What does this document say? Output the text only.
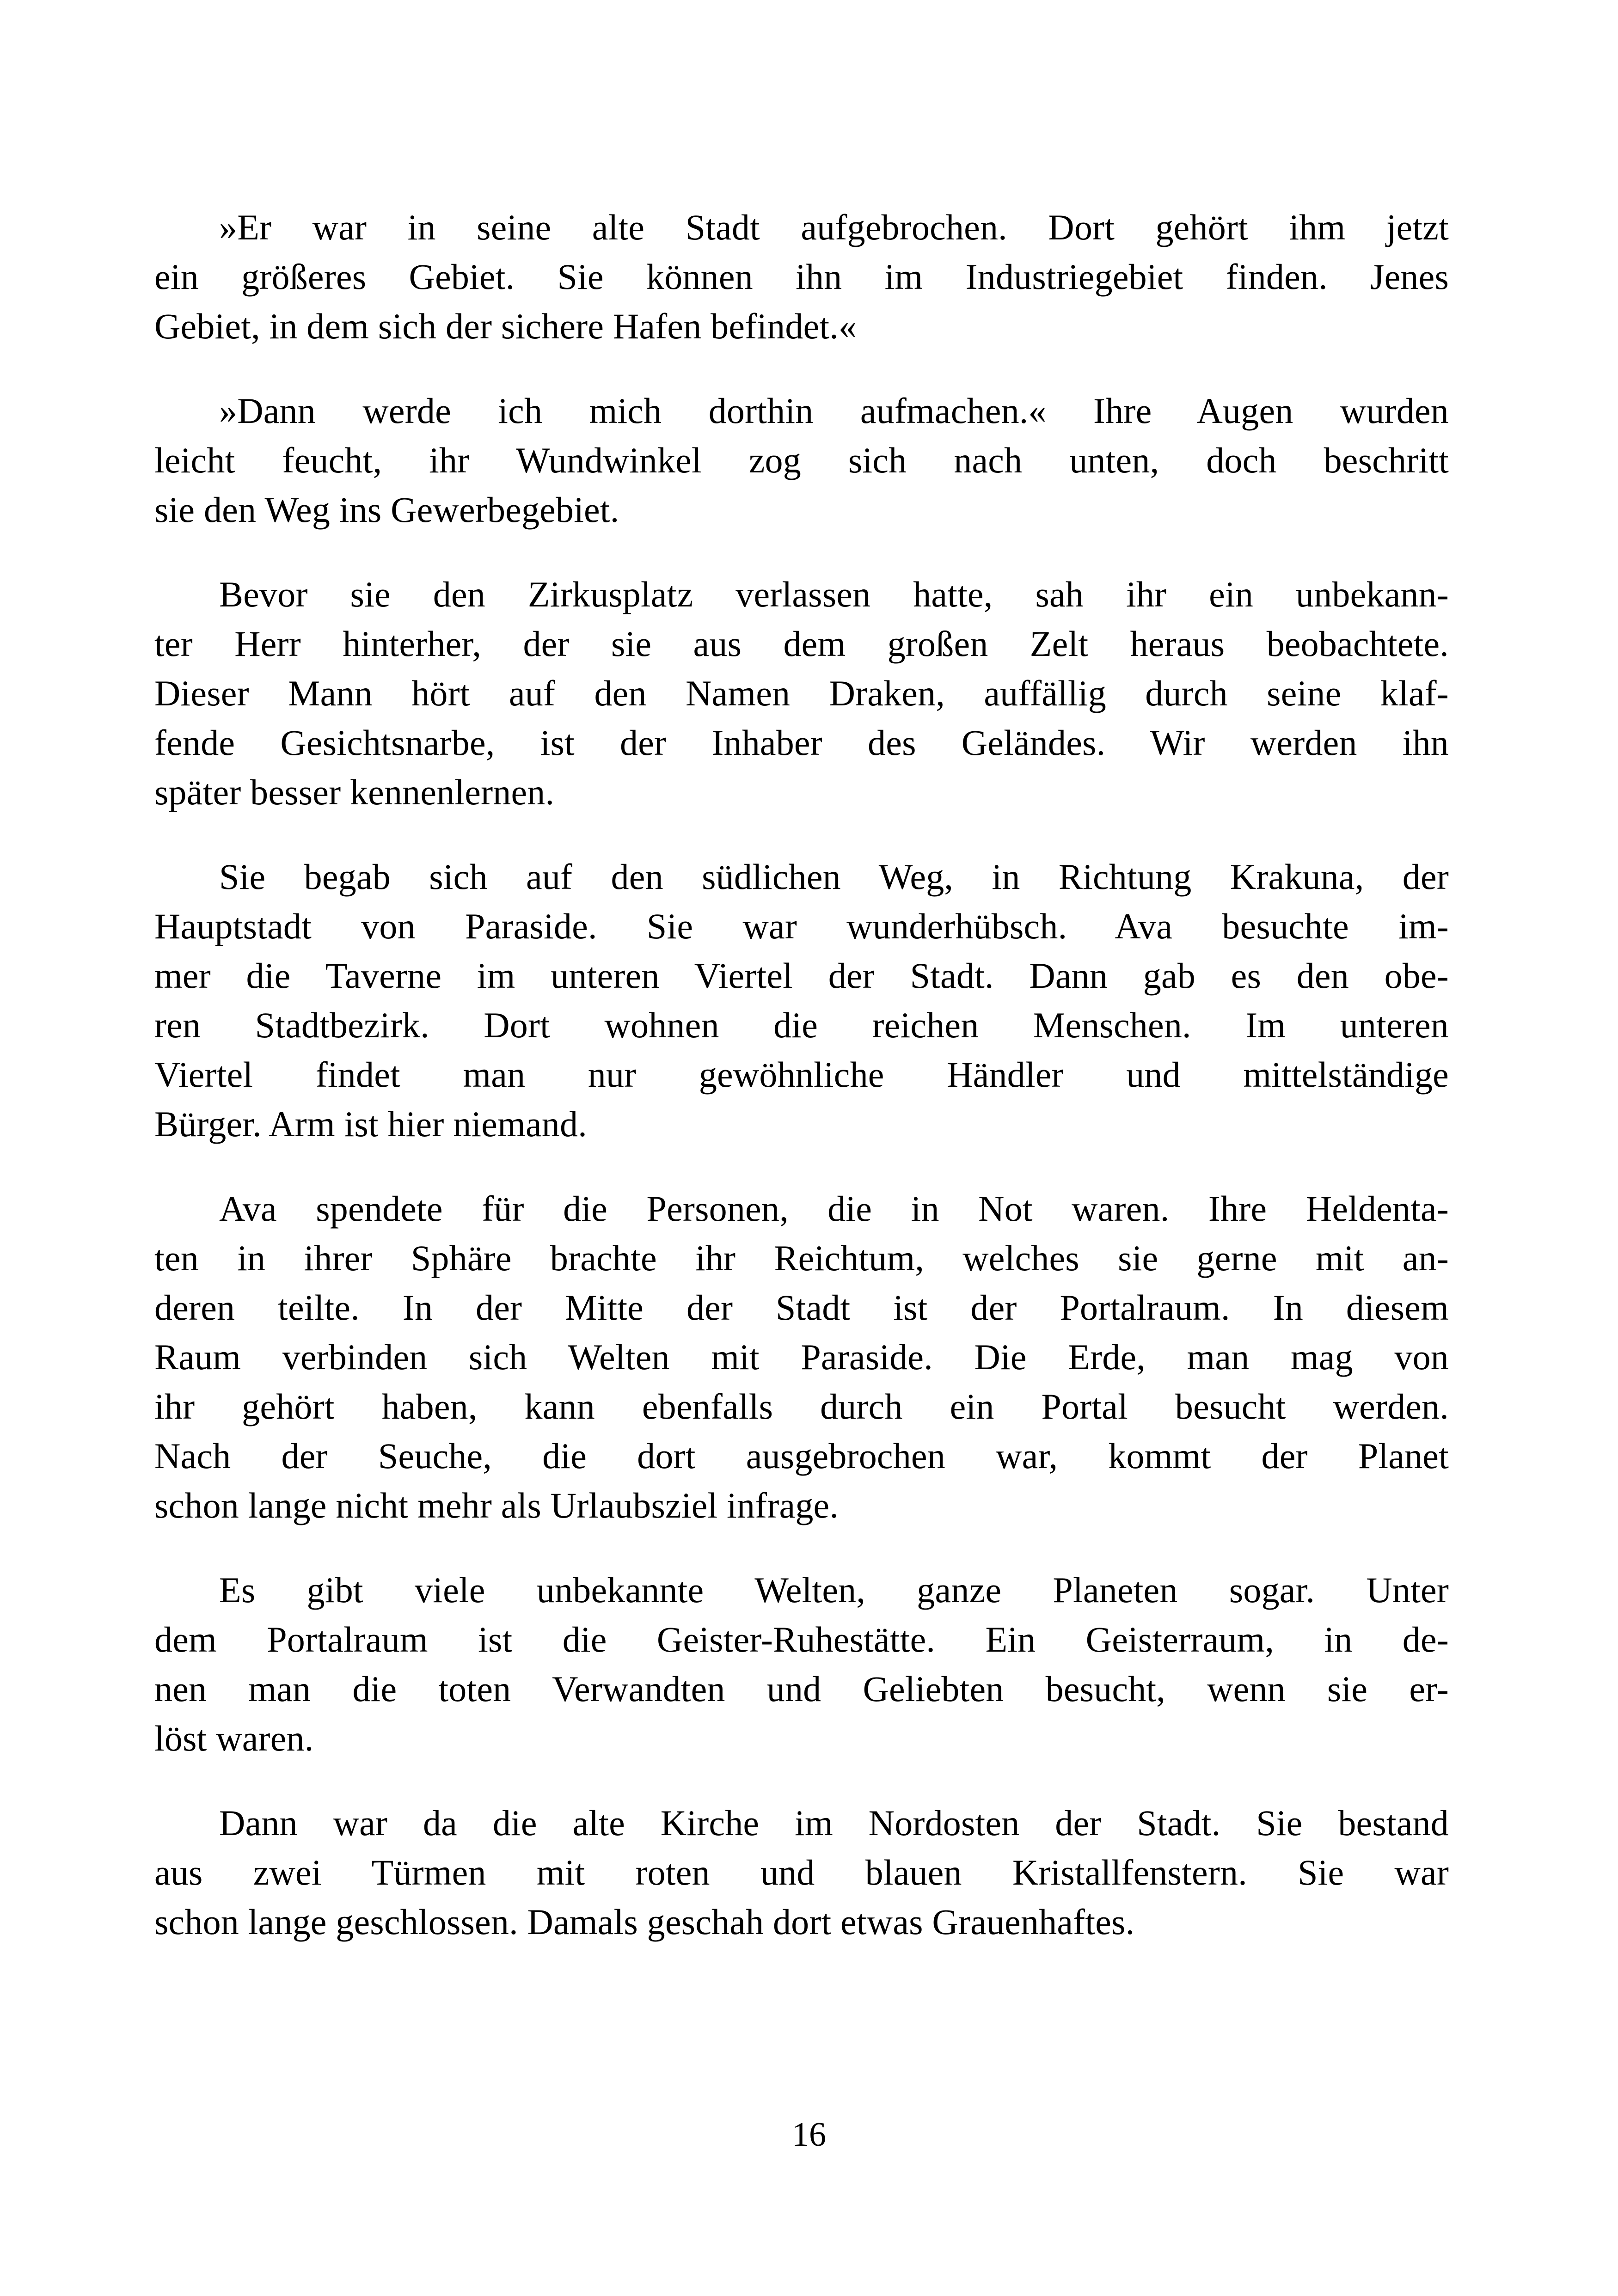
»Er war in seine alte Stadt aufgebrochen. Dort gehört ihm jetzt
ein größeres Gebiet. Sie können ihn im Industriegebiet finden. Jenes
Gebiet, in dem sich der sichere Hafen befindet.«
»Dann werde ich mich dorthin aufmachen.« Ihre Augen wurden
leicht feucht, ihr Wundwinkel zog sich nach unten, doch beschritt
sie den Weg ins Gewerbegebiet.
Bevor sie den Zirkusplatz verlassen hatte, sah ihr ein unbekann-
ter Herr hinterher, der sie aus dem großen Zelt heraus beobachtete.
Dieser Mann hört auf den Namen Draken, auffällig durch seine klaf-
fende Gesichtsnarbe, ist der Inhaber des Geländes. Wir werden ihn
später besser kennenlernen.
Sie begab sich auf den südlichen Weg, in Richtung Krakuna, der
Hauptstadt von Paraside. Sie war wunderhübsch. Ava besuchte im-
mer die Taverne im unteren Viertel der Stadt. Dann gab es den obe-
ren Stadtbezirk. Dort wohnen die reichen Menschen. Im unteren
Viertel findet man nur gewöhnliche Händler und mittelständige
Bürger. Arm ist hier niemand.
Ava spendete für die Personen, die in Not waren. Ihre Heldenta-
ten in ihrer Sphäre brachte ihr Reichtum, welches sie gerne mit an-
deren teilte. In der Mitte der Stadt ist der Portalraum. In diesem
Raum verbinden sich Welten mit Paraside. Die Erde, man mag von
ihr gehört haben, kann ebenfalls durch ein Portal besucht werden.
Nach der Seuche, die dort ausgebrochen war, kommt der Planet
schon lange nicht mehr als Urlaubsziel infrage.
Es gibt viele unbekannte Welten, ganze Planeten sogar. Unter
dem Portalraum ist die Geister-Ruhestätte. Ein Geisterraum, in de-
nen man die toten Verwandten und Geliebten besucht, wenn sie er-
löst waren.
Dann war da die alte Kirche im Nordosten der Stadt. Sie bestand
aus zwei Türmen mit roten und blauen Kristallfenstern. Sie war
schon lange geschlossen. Damals geschah dort etwas Grauenhaftes.
16
